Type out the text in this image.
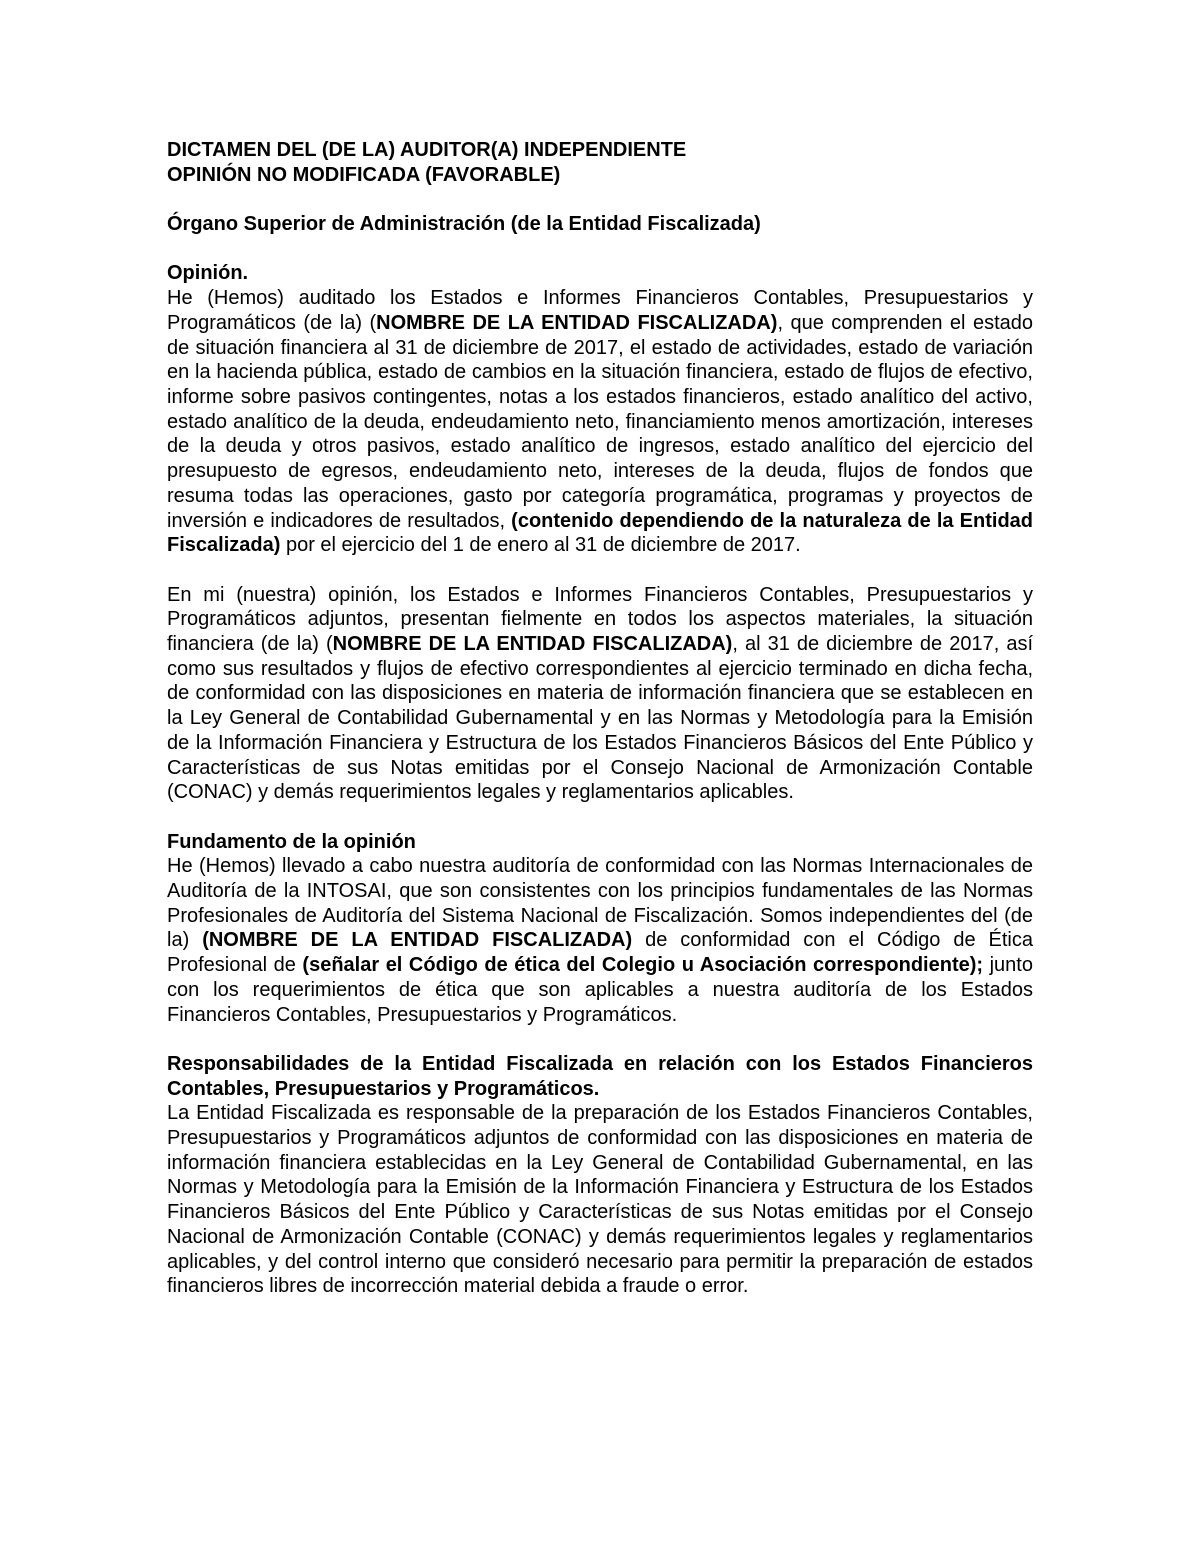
DICTAMEN DEL (DE LA) AUDITOR(A) INDEPENDIENTE
OPINIÓN NO MODIFICADA (FAVORABLE)
Órgano Superior de Administración (de la Entidad Fiscalizada)
Opinión.

He (Hemos) auditado los Estados e Informes Financieros Contables, Presupuestarios y Programáticos (de la) (NOMBRE DE LA ENTIDAD FISCALIZADA), que comprenden el estado de situación financiera al 31 de diciembre de 2017, el estado de actividades, estado de variación en la hacienda pública, estado de cambios en la situación financiera, estado de flujos de efectivo, informe sobre pasivos contingentes, notas a los estados financieros, estado analítico del activo, estado analítico de la deuda, endeudamiento neto, financiamiento menos amortización, intereses de la deuda y otros pasivos, estado analítico de ingresos, estado analítico del ejercicio del presupuesto de egresos, endeudamiento neto, intereses de la deuda, flujos de fondos que resuma todas las operaciones, gasto por categoría programática, programas y proyectos de inversión e indicadores de resultados, (contenido dependiendo de la naturaleza de la Entidad Fiscalizada) por el ejercicio del 1 de enero al 31 de diciembre de 2017.

En mi (nuestra) opinión, los Estados e Informes Financieros Contables, Presupuestarios y Programáticos adjuntos, presentan fielmente en todos los aspectos materiales, la situación financiera (de la) (NOMBRE DE LA ENTIDAD FISCALIZADA), al 31 de diciembre de 2017, así como sus resultados y flujos de efectivo correspondientes al ejercicio terminado en dicha fecha, de conformidad con las disposiciones en materia de información financiera que se establecen en la Ley General de Contabilidad Gubernamental y en las Normas y Metodología para la Emisión de la Información Financiera y Estructura de los Estados Financieros Básicos del Ente Público y Características de sus Notas emitidas por el Consejo Nacional de Armonización Contable (CONAC) y demás requerimientos legales y reglamentarios aplicables.

Fundamento de la opinión

He (Hemos) llevado a cabo nuestra auditoría de conformidad con las Normas Internacionales de Auditoría de la INTOSAI, que son consistentes con los principios fundamentales de las Normas Profesionales de Auditoría del Sistema Nacional de Fiscalización. Somos independientes del (de la) (NOMBRE DE LA ENTIDAD FISCALIZADA) de conformidad con el Código de Ética Profesional de (señalar el Código de ética del Colegio u Asociación correspondiente); junto con los requerimientos de ética que son aplicables a nuestra auditoría de los Estados Financieros Contables, Presupuestarios y Programáticos.

Responsabilidades de la Entidad Fiscalizada en relación con los Estados Financieros Contables, Presupuestarios y Programáticos.

La Entidad Fiscalizada es responsable de la preparación de los Estados Financieros Contables, Presupuestarios y Programáticos adjuntos de conformidad con las disposiciones en materia de información financiera establecidas en la Ley General de Contabilidad Gubernamental, en las Normas y Metodología para la Emisión de la Información Financiera y Estructura de los Estados Financieros Básicos del Ente Público y Características de sus Notas emitidas por el Consejo Nacional de Armonización Contable (CONAC) y demás requerimientos legales y reglamentarios aplicables, y del control interno que consideró necesario para permitir la preparación de estados financieros libres de incorrección material debida a fraude o error.
